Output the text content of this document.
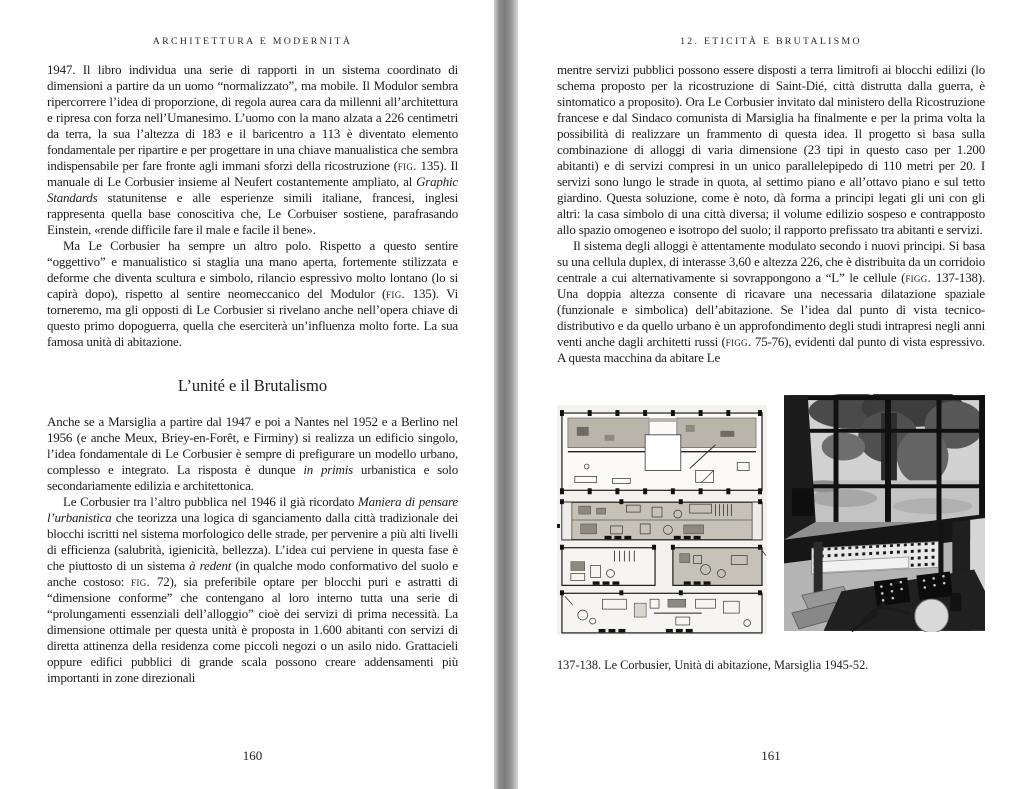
ARCHITETTURA E MODERNITÀ

1947. Il libro individua una serie di rapporti in un sistema coordinato di dimensioni a partire da un uomo “normalizzato”, ma mobile. Il Modulor sembra ripercorrere l’idea di proporzione, di regola aurea cara da millenni all’architettura e ripresa con forza nell’Umanesimo. L’uomo con la mano alzata a 226 centimetri da terra, la sua l’altezza di 183 e il baricentro a 113 è diventato elemento fondamentale per ripartire e per progettare in una chiave manualistica che sembra indispensabile per fare fronte agli immani sforzi della ricostruzione (fig. 135). Il manuale di Le Corbusier insieme al Neufert costantemente ampliato, al Graphic Standards statunitense e alle esperienze simili italiane, francesi, inglesi rappresenta quella base conoscitiva che, Le Corbuiser sostiene, parafrasando Einstein, «rende difficile fare il male e facile il bene».

Ma Le Corbusier ha sempre un altro polo. Rispetto a questo sentire “oggettivo” e manualistico si staglia una mano aperta, fortemente stilizzata e deforme che diventa scultura e simbolo, rilancio espressivo molto lontano (lo si capirà dopo), rispetto al sentire neomeccanico del Modulor (fig. 135). Vi torneremo, ma gli opposti di Le Corbusier si rivelano anche nell’opera chiave di questo primo dopoguerra, quella che eserciterà un’influenza molto forte. La sua famosa unità di abitazione.

L’unité e il Brutalismo

Anche se a Marsiglia a partire dal 1947 e poi a Nantes nel 1952 e a Berlino nel 1956 (e anche Meux, Briey-en-Forêt, e Firminy) si realizza un edificio singolo, l’idea fondamentale di Le Corbusier è sempre di prefigurare un modello urbano, complesso e integrato. La risposta è dunque in primis urbanistica e solo secondariamente edilizia e architettonica.

Le Corbusier tra l’altro pubblica nel 1946 il già ricordato Maniera di pensare l’urbanistica che teorizza una logica di sganciamento dalla città tradizionale dei blocchi iscritti nel sistema morfologico delle strade, per pervenire a più alti livelli di efficienza (salubrità, igienicità, bellezza). L’idea cui perviene in questa fase è che piuttosto di un sistema à redent (in qualche modo conformativo del suolo e anche costoso: fig. 72), sia preferibile optare per blocchi puri e astratti di “dimensione conforme” che contengano al loro interno tutta una serie di “prolungamenti essenziali dell’alloggio” cioè dei servizi di prima necessità. La dimensione ottimale per questa unità è proposta in 1.600 abitanti con servizi di diretta attinenza della residenza come piccoli negozi o un asilo nido. Grattacieli oppure edifici pubblici di grande scala possono creare addensamenti più importanti in zone direzionali

160
12. ETICITÀ E BRUTALISMO

mentre servizi pubblici possono essere disposti a terra limitrofi ai blocchi edilizi (lo schema proposto per la ricostruzione di Saint-Dié, città distrutta dalla guerra, è sintomatico a proposito). Ora Le Corbusier invitato dal ministero della Ricostruzione francese e dal Sindaco comunista di Marsiglia ha finalmente e per la prima volta la possibilità di realizzare un frammento di questa idea. Il progetto si basa sulla combinazione di alloggi di varia dimensione (23 tipi in questo caso per 1.200 abitanti) e di servizi compresi in un unico parallelepipedo di 110 metri per 20. I servizi sono lungo le strade in quota, al settimo piano e all’ottavo piano e sul tetto giardino. Questa soluzione, come è noto, dà forma a principi legati gli uni con gli altri: la casa simbolo di una città diversa; il volume edilizio sospeso e contrapposto allo spazio omogeneo e isotropo del suolo; il rapporto prefissato tra abitanti e servizi.

Il sistema degli alloggi è attentamente modulato secondo i nuovi principi. Si basa su una cellula duplex, di interasse 3,60 e altezza 226, che è distribuita da un corridoio centrale a cui alternativamente si sovrappongono a “L” le cellule (figg. 137-138). Una doppia altezza consente di ricavare una necessaria dilatazione spaziale (funzionale e simbolica) dell’abitazione. Se l’idea dal punto di vista tecnico-distributivo e da quello urbano è un approfondimento degli studi intrapresi negli anni venti anche dagli architetti russi (figg. 75-76), evidenti dal punto di vista espressivo. A questa macchina da abitare Le

137-138. Le Corbusier, Unità di abitazione, Marsiglia 1945-52.
161
